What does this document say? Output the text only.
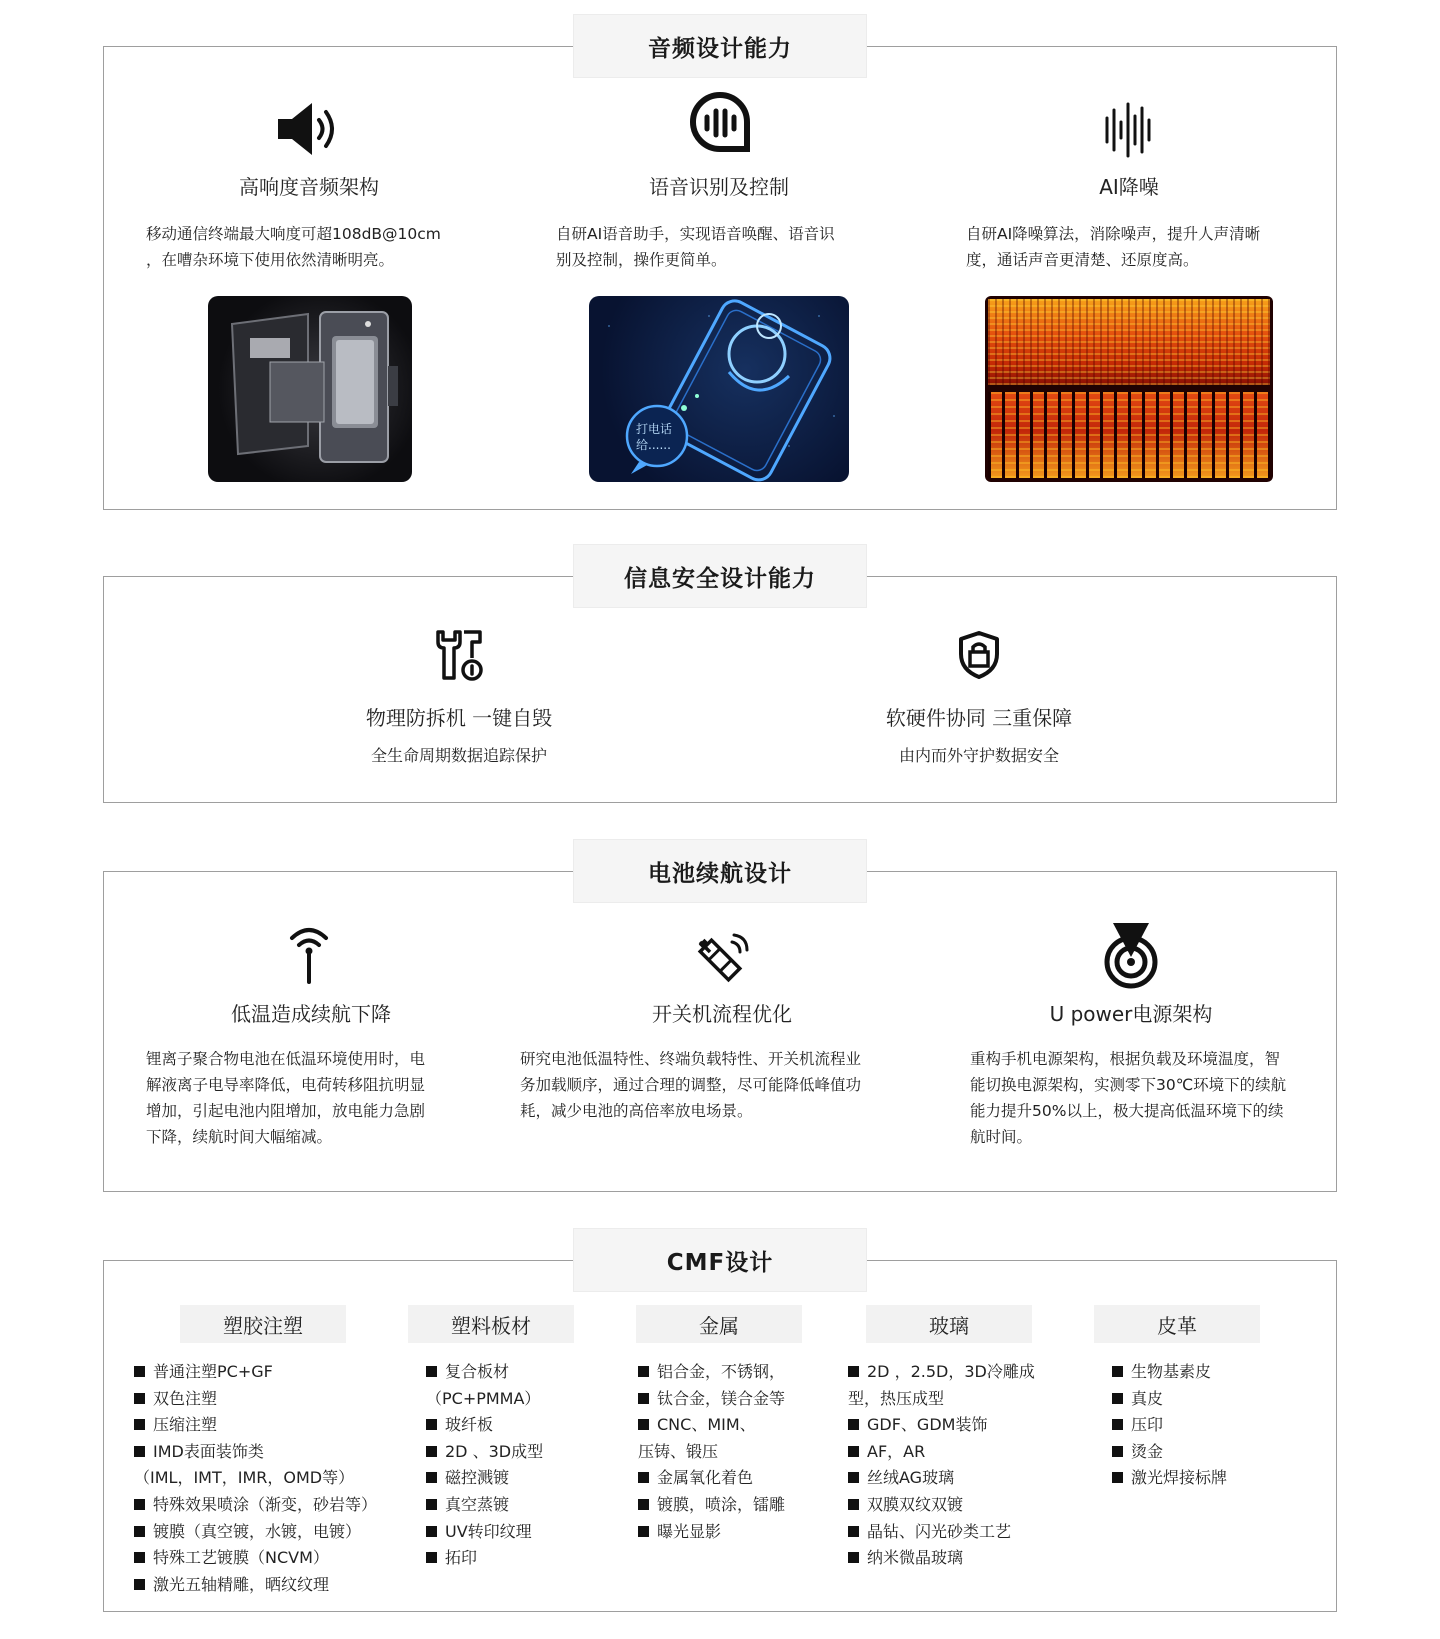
音频设计能力
高响度音频架构	语音识别及控制	AI降噪
移动通信终端最大响度可超108dB@10cm
，在嘈杂环境下使用依然清晰明亮。
自研AI语音助手，实现语音唤醒、语音识
别及控制，操作更简单。
自研AI降噪算法，消除噪声，提升人声清晰
度，通话声音更清楚、还原度高。
打电话
给......
信息安全设计能力
物理防拆机 一键自毁	软硬件协同 三重保障
全生命周期数据追踪保护	由内而外守护数据安全
电池续航设计
低温造成续航下降	开关机流程优化	U power电源架构
锂离子聚合物电池在低温环境使用时，电
解液离子电导率降低，电荷转移阻抗明显
增加，引起电池内阻增加，放电能力急剧
下降，续航时间大幅缩减。
研究电池低温特性、终端负载特性、开关机流程业
务加载顺序，通过合理的调整，尽可能降低峰值功
耗，减少电池的高倍率放电场景。
重构手机电源架构，根据负载及环境温度，智
能切换电源架构，实测零下30℃环境下的续航
能力提升50%以上，极大提高低温环境下的续
航时间。
CMF设计
塑胶注塑	塑料板材	金属	玻璃	皮革
普通注塑PC+GF
双色注塑
压缩注塑
IMD表面装饰类
（IML，IMT，IMR，OMD等）
特殊效果喷涂（渐变，砂岩等）
镀膜（真空镀，水镀，电镀）
特殊工艺镀膜（NCVM）
激光五轴精雕，晒纹纹理
复合板材
（PC+PMMA）
玻纤板
2D 、3D成型
磁控溅镀
真空蒸镀
UV转印纹理
拓印
铝合金，不锈钢，
钛合金，镁合金等
CNC、MIM、
压铸、锻压
金属氧化着色
镀膜，喷涂，镭雕
曝光显影
2D ，2.5D，3D冷雕成
型，热压成型
GDF、GDM装饰
AF，AR
丝绒AG玻璃
双膜双纹双镀
晶钻、闪光砂类工艺
纳米微晶玻璃
生物基素皮
真皮
压印
烫金
激光焊接标牌
